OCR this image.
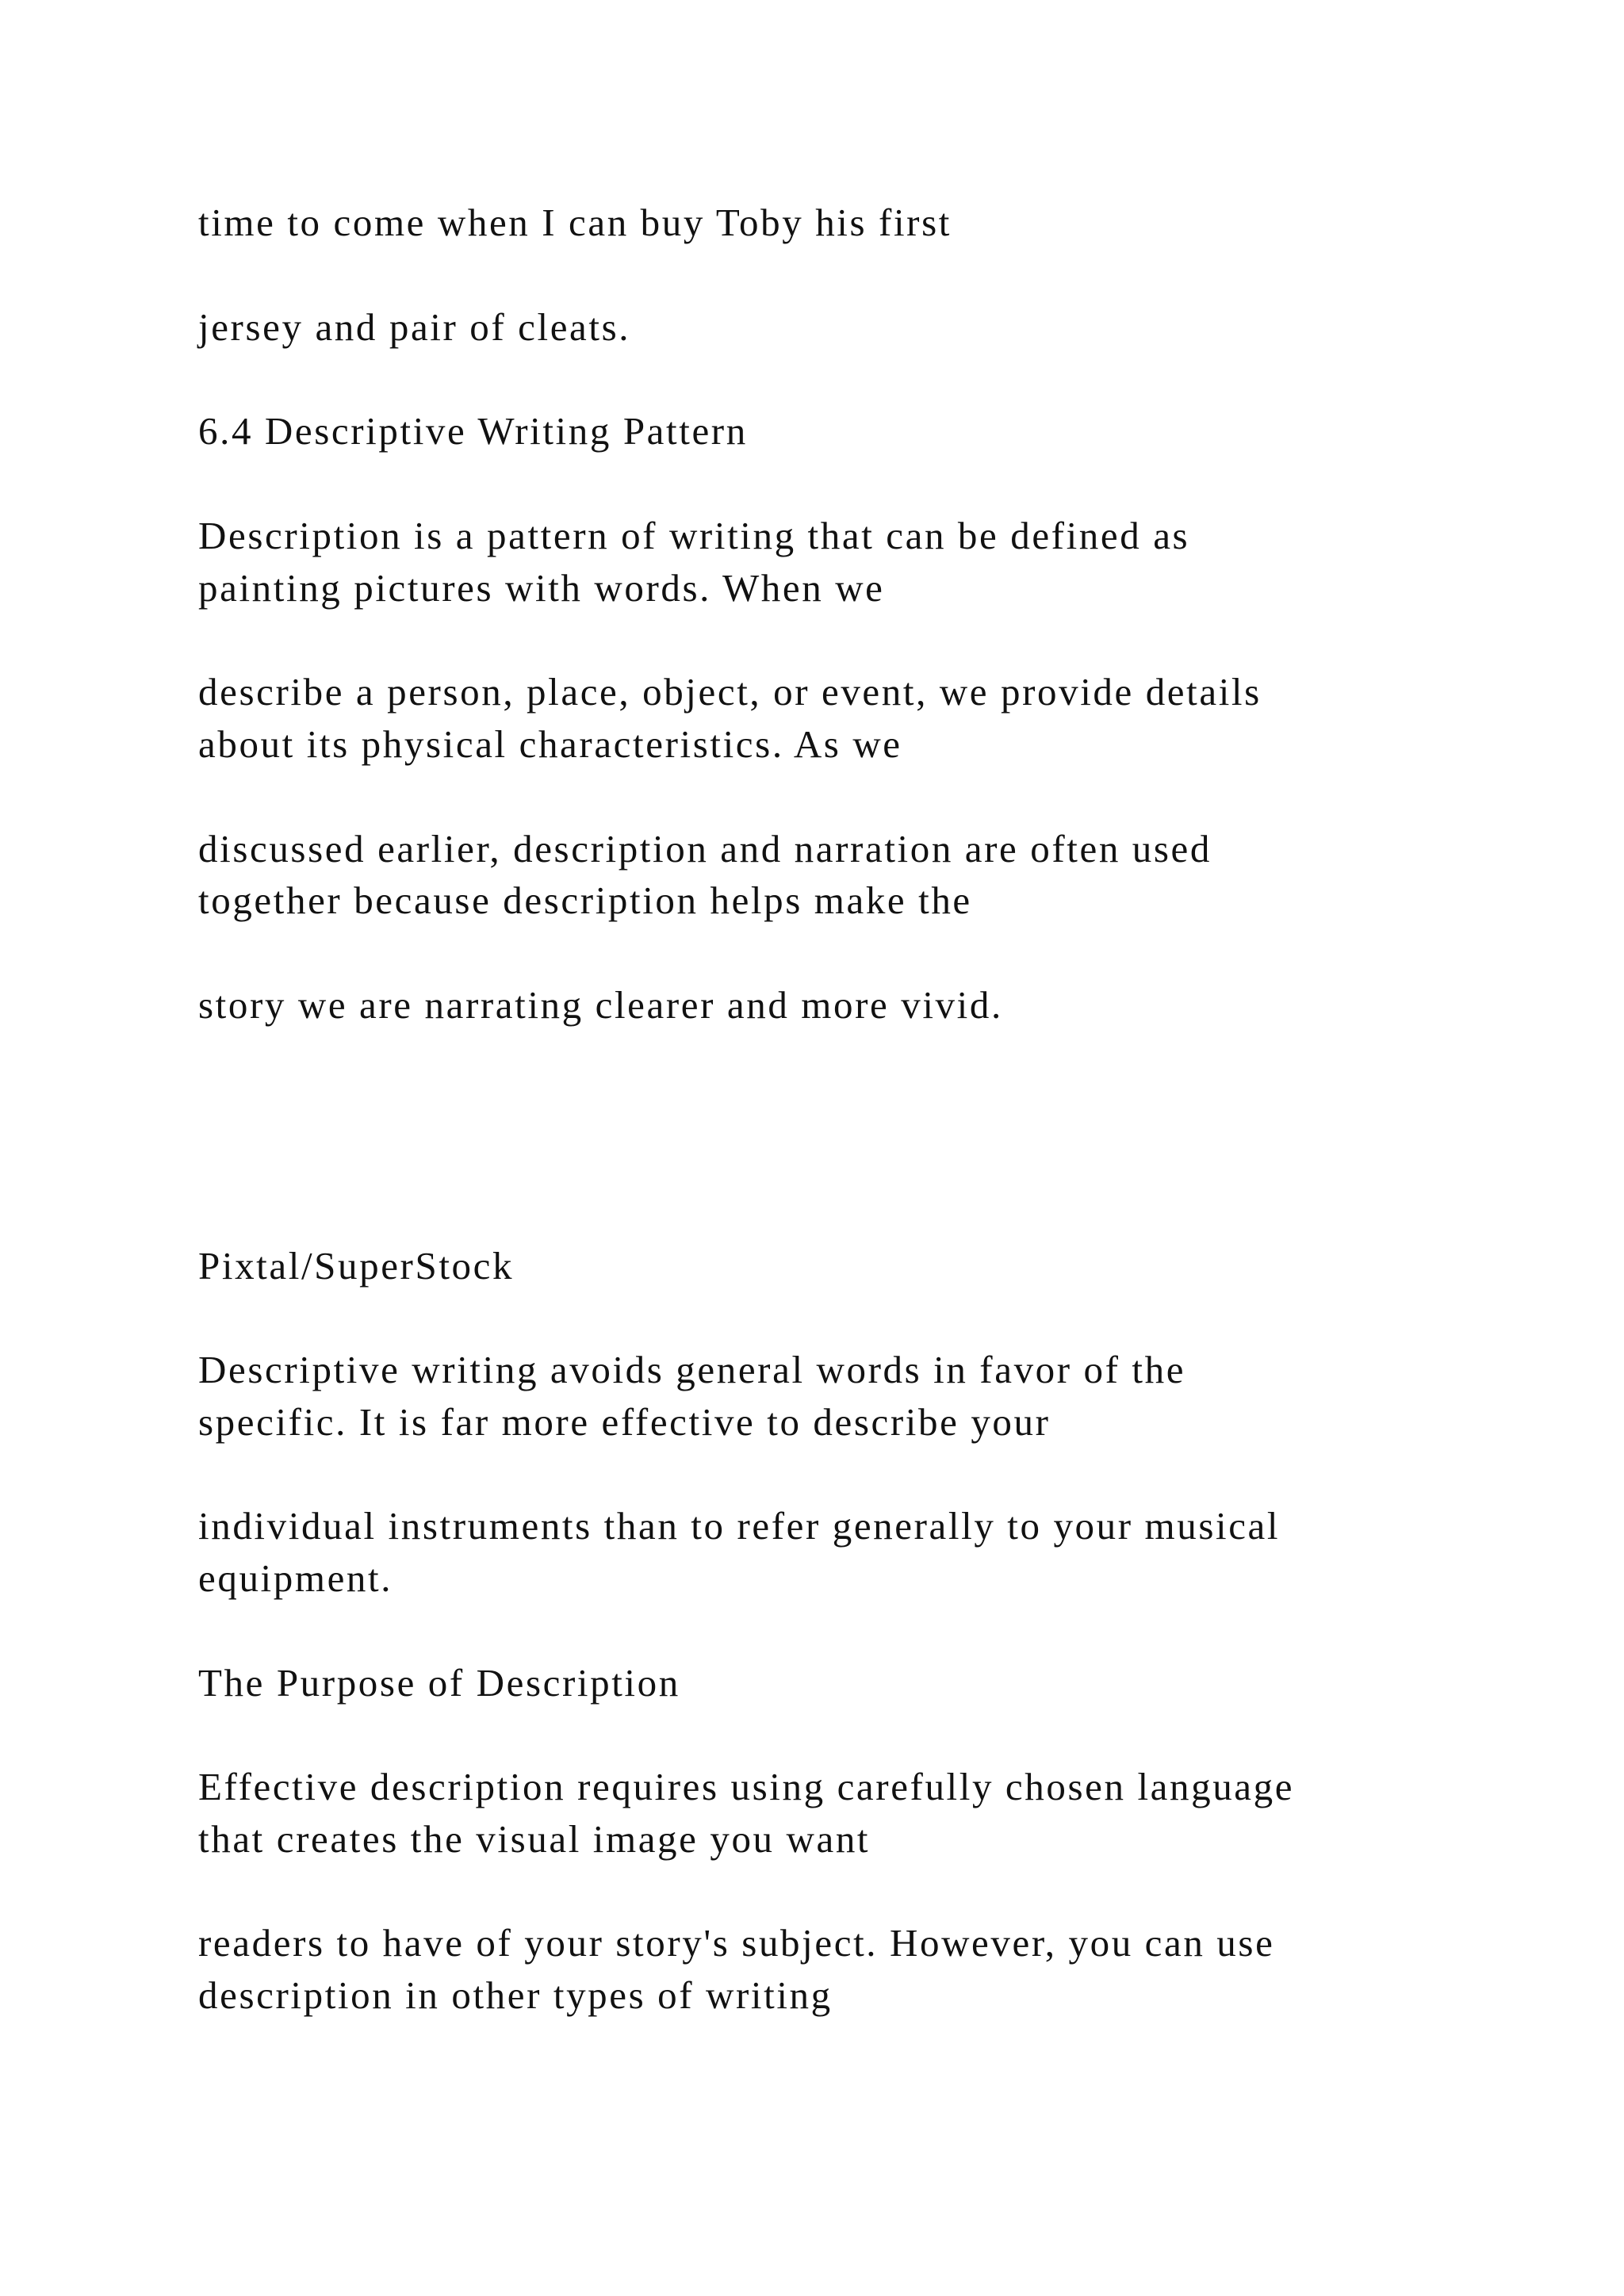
time to come when I can buy Toby his first

jersey and pair of cleats.

6.4 Descriptive Writing Pattern

Description is a pattern of writing that can be defined as

painting pictures with words. When we

describe a person, place, object, or event, we provide details

about its physical characteristics. As we

discussed earlier, description and narration are often used

together because description helps make the

story we are narrating clearer and more vivid.

Pixtal/SuperStock

Descriptive writing avoids general words in favor of the

specific. It is far more effective to describe your

individual instruments than to refer generally to your musical

equipment.

The Purpose of Description

Effective description requires using carefully chosen language

that creates the visual image you want

readers to have of your story's subject. However, you can use

description in other types of writing
